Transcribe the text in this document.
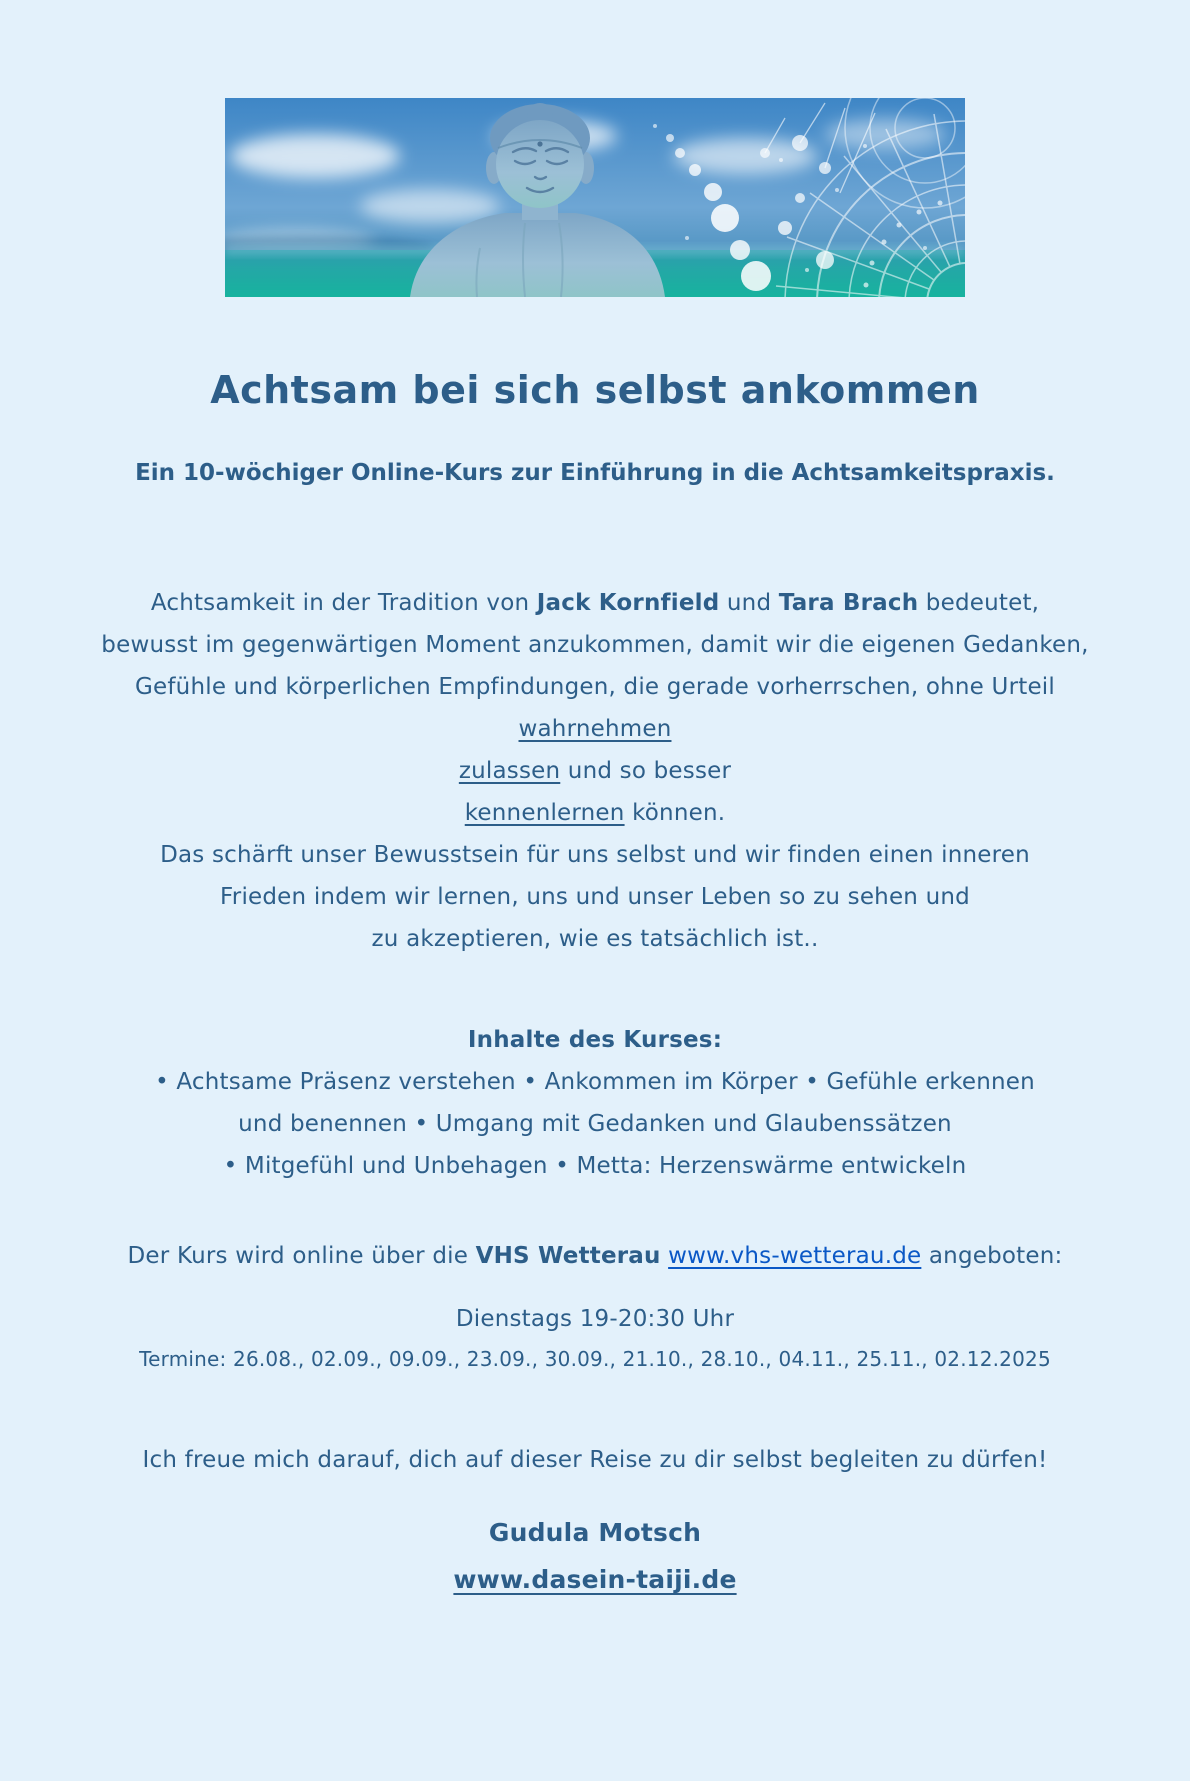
Achtsam bei sich selbst ankommen

Ein 10-wöchiger Online-Kurs zur Einführung in die Achtsamkeitspraxis.

Achtsamkeit in der Tradition von Jack Kornfield und Tara Brach bedeutet,

bewusst im gegenwärtigen Moment anzukommen, damit wir die eigenen Gedanken,

Gefühle und körperlichen Empfindungen, die gerade vorherrschen, ohne Urteil

wahrnehmen

zulassen und so besser

kennenlernen können.

Das schärft unser Bewusstsein für uns selbst und wir finden einen inneren

Frieden indem wir lernen, uns und unser Leben so zu sehen und

zu akzeptieren, wie es tatsächlich ist..

Inhalte des Kurses:

• Achtsame Präsenz verstehen • Ankommen im Körper • Gefühle erkennen

und benennen • Umgang mit Gedanken und Glaubenssätzen

• Mitgefühl und Unbehagen • Metta: Herzenswärme entwickeln

Der Kurs wird online über die VHS Wetterau www.vhs-wetterau.de angeboten:

Dienstags 19-20:30 Uhr

Termine: 26.08., 02.09., 09.09., 23.09., 30.09., 21.10., 28.10., 04.11., 25.11., 02.12.2025

Ich freue mich darauf, dich auf dieser Reise zu dir selbst begleiten zu dürfen!

Gudula Motsch

www.dasein-taiji.de
